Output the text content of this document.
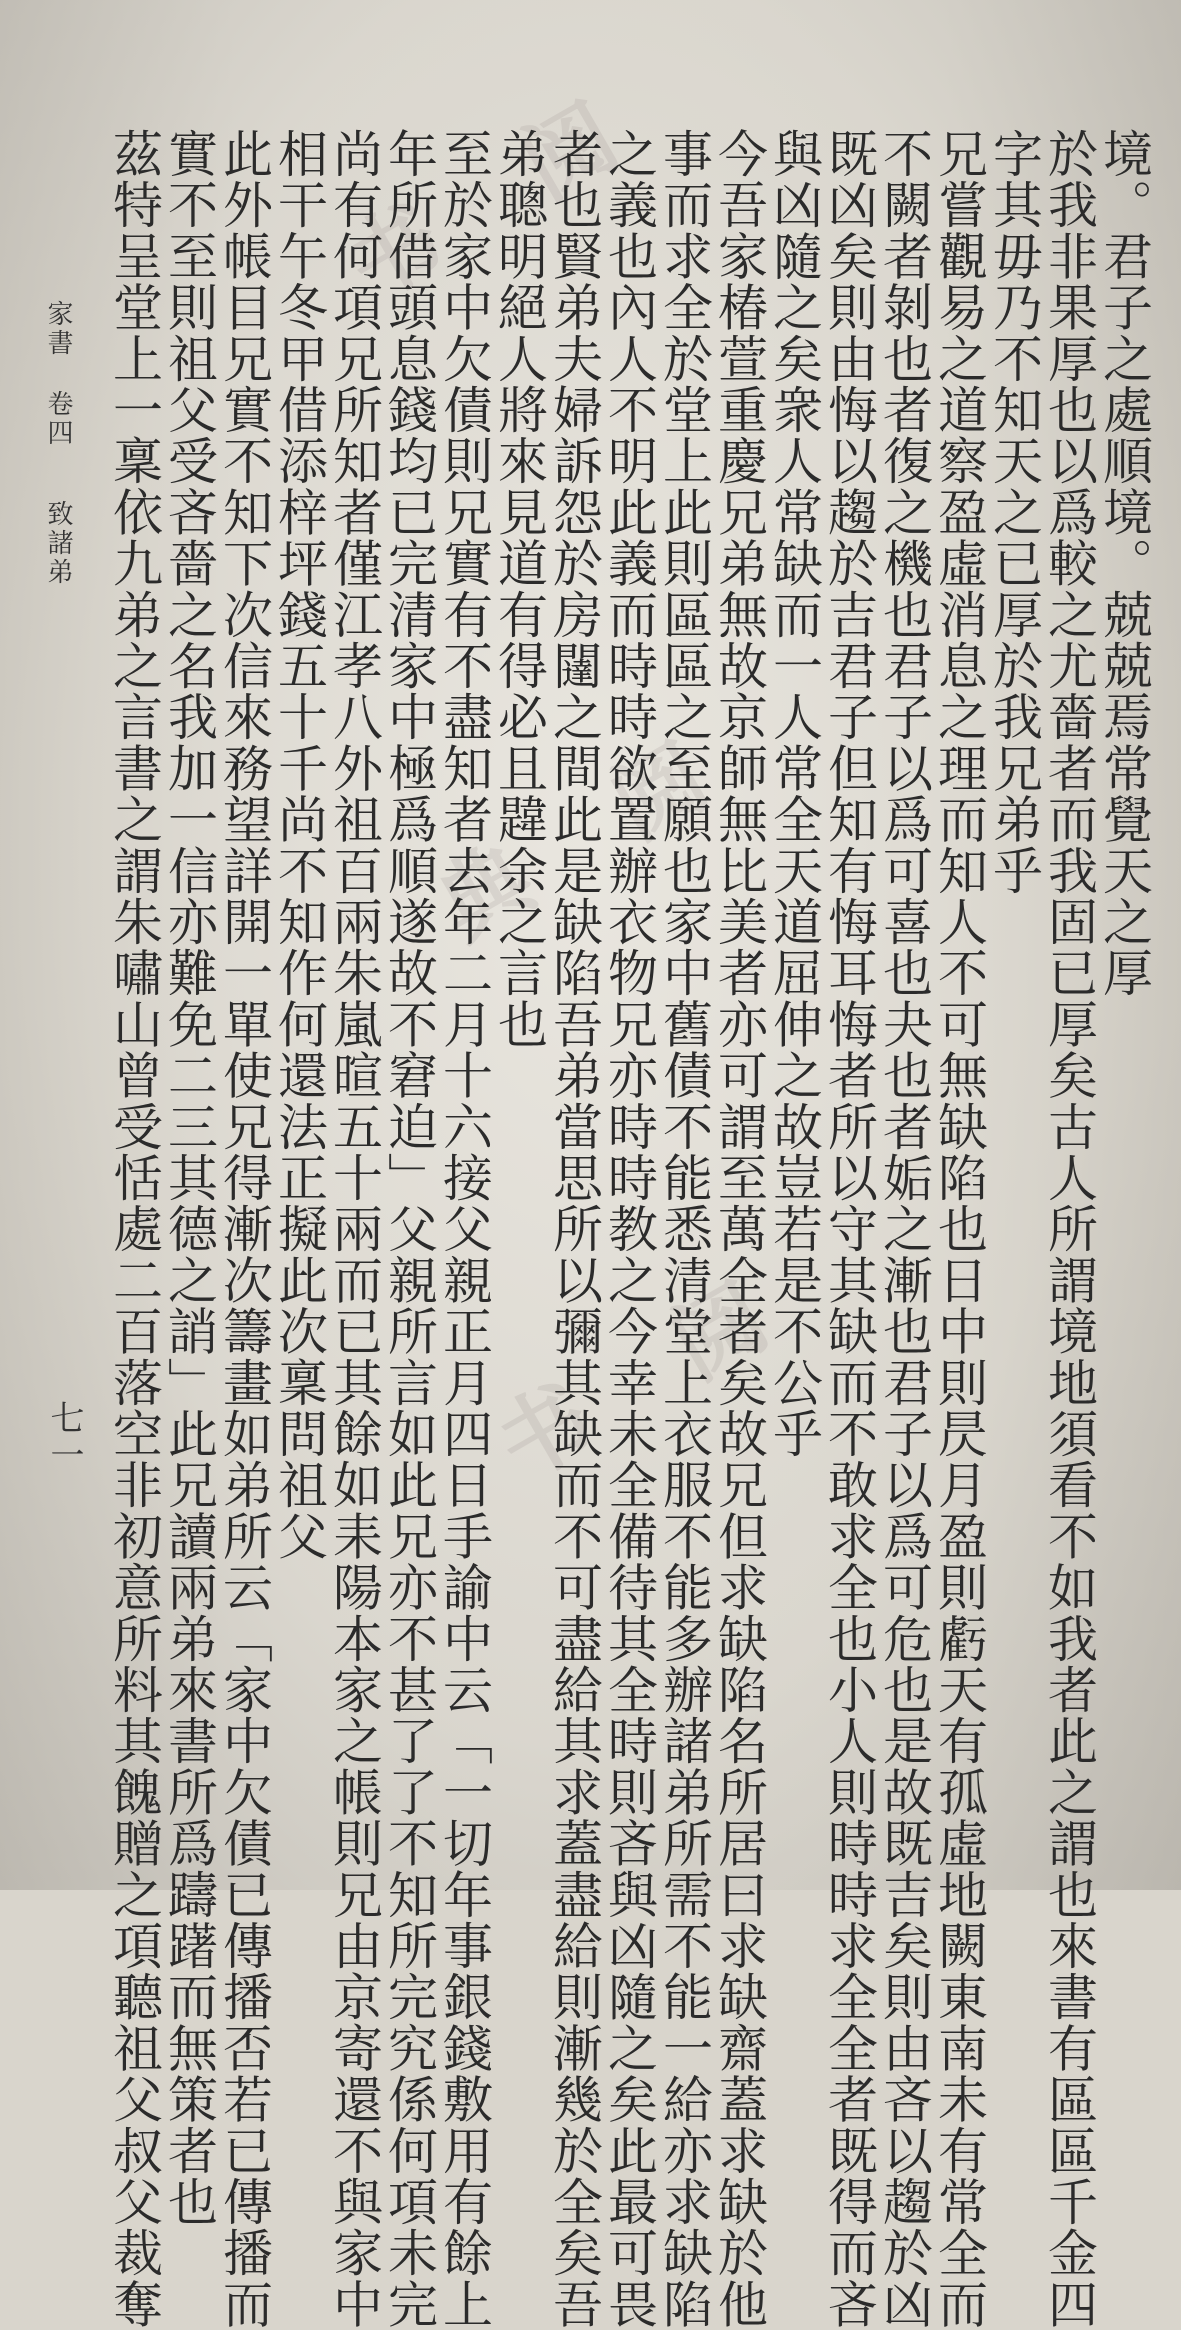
书 阅
典 阅
书 阅
境。君子之處順境。兢兢焉常覺天之厚
於我非果厚也以爲較之尤嗇者而我固已厚矣古人所謂境地須看不如我者此之謂也來書有區區千金四
字其毋乃不知天之已厚於我兄弟乎
兄嘗觀易之道察盈虛消息之理而知人不可無缺陷也日中則昃月盈則虧天有孤虛地闕東南未有常全而
不闕者剝也者復之機也君子以爲可喜也夬也者姤之漸也君子以爲可危也是故既吉矣則由吝以趨於凶
既凶矣則由悔以趨於吉君子但知有悔耳悔者所以守其缺而不敢求全也小人則時時求全全者既得而吝
與凶隨之矣衆人常缺而一人常全天道屈伸之故豈若是不公乎
今吾家椿萱重慶兄弟無故京師無比美者亦可謂至萬全者矣故兄但求缺陷名所居曰求缺齋蓋求缺於他
事而求全於堂上此則區區之至願也家中舊債不能悉清堂上衣服不能多辦諸弟所需不能一給亦求缺陷
之義也內人不明此義而時時欲置辦衣物兄亦時時教之今幸未全備待其全時則吝與凶隨之矣此最可畏
者也賢弟夫婦訴怨於房闥之間此是缺陷吾弟當思所以彌其缺而不可盡給其求蓋盡給則漸幾於全矣吾
弟聰明絕人將來見道有得必且韙余之言也
至於家中欠債則兄實有不盡知者去年二月十六接父親正月四日手諭中云「一切年事銀錢敷用有餘上
年所借頭息錢均已完清家中極爲順遂故不窘迫」父親所言如此兄亦不甚了了不知所完究係何項未完
尚有何項兄所知者僅江孝八外祖百兩朱嵐暄五十兩而已其餘如耒陽本家之帳則兄由京寄還不與家中
相干午冬甲借添梓坪錢五十千尚不知作何還法正擬此次稟問祖父
此外帳目兄實不知下次信來務望詳開一單使兄得漸次籌畫如弟所云「家中欠債已傳播否若已傳播而
實不至則祖父受吝嗇之名我加一信亦難免二三其德之誚」此兄讀兩弟來書所爲躊躇而無策者也
茲特呈堂上一稟依九弟之言書之謂朱嘯山曾受恬處二百落空非初意所料其餽贈之項聽祖父叔父裁奪
家書
卷四
致諸弟
七一
